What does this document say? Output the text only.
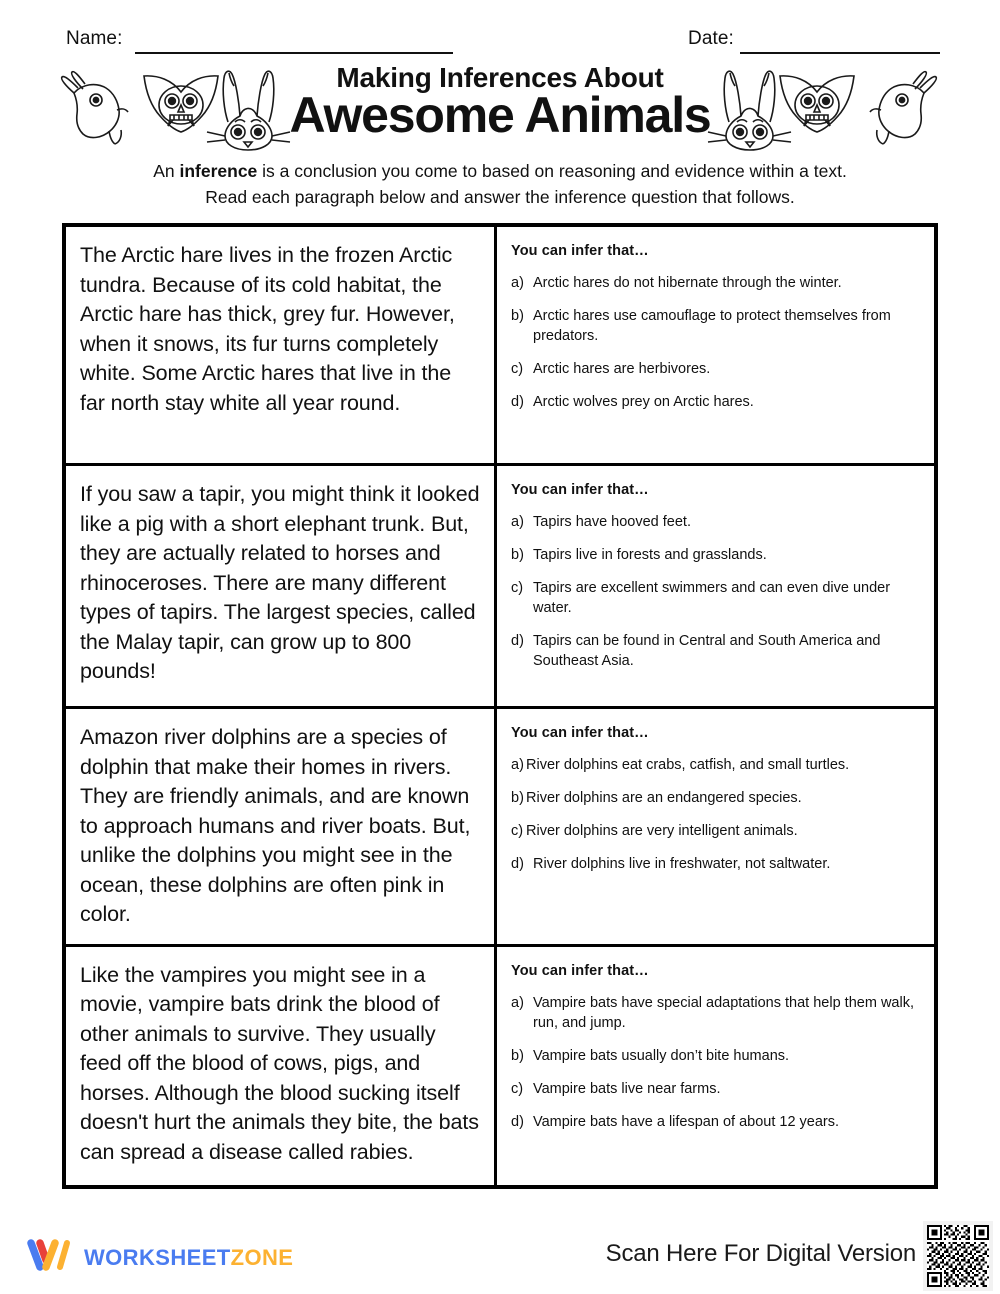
Name:	Date:
Making Inferences About
Awesome Animals
An inference is a conclusion you come to based on reasoning and evidence within a text.
Read each paragraph below and answer the inference question that follows.
The Arctic hare lives in the frozen Arctic tundra. Because of its cold habitat, the Arctic hare has thick, grey fur. However, when it snows, its fur turns completely white. Some Arctic hares that live in the far north stay white all year round.
You can infer that…
a) Arctic hares do not hibernate through the winter.
b) Arctic hares use camouflage to protect themselves from predators.
c) Arctic hares are herbivores.
d) Arctic wolves prey on Arctic hares.
If you saw a tapir, you might think it looked like a pig with a short elephant trunk. But, they are actually related to horses and rhinoceroses. There are many different types of tapirs. The largest species, called the Malay tapir, can grow up to 800 pounds!
You can infer that…
a) Tapirs have hooved feet.
b) Tapirs live in forests and grasslands.
c) Tapirs are excellent swimmers and can even dive under water.
d) Tapirs can be found in Central and South America and Southeast Asia.
Amazon river dolphins are a species of dolphin that make their homes in rivers. They are friendly animals, and are known to approach humans and river boats. But, unlike the dolphins you might see in the ocean, these dolphins are often pink in color.
You can infer that…
a) River dolphins eat crabs, catfish, and small turtles.
b) River dolphins are an endangered species.
c) River dolphins are very intelligent animals.
d) River dolphins live in freshwater, not saltwater.
Like the vampires you might see in a movie, vampire bats drink the blood of other animals to survive. They usually feed off the blood of cows, pigs, and horses. Although the blood sucking itself doesn't hurt the animals they bite, the bats can spread a disease called rabies.
You can infer that…
a) Vampire bats have special adaptations that help them walk, run, and jump.
b) Vampire bats usually don’t bite humans.
c) Vampire bats live near farms.
d) Vampire bats have a lifespan of about 12 years.
WORKSHEETZONE	Scan Here For Digital Version
